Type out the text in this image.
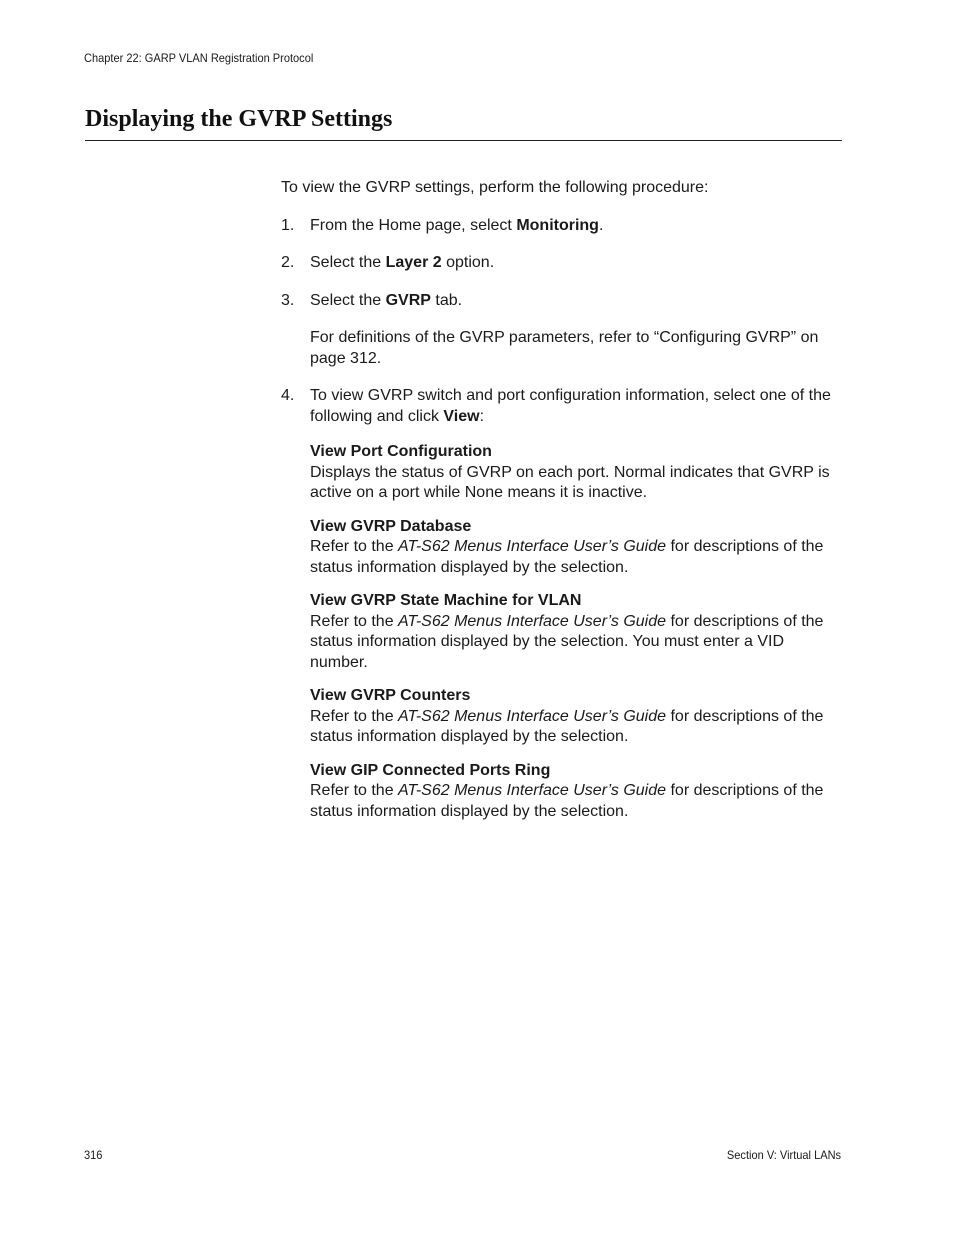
Chapter 22: GARP VLAN Registration Protocol
Displaying the GVRP Settings

To view the GVRP settings, perform the following procedure:

1. From the Home page, select Monitoring.
2. Select the Layer 2 option.
3. Select the GVRP tab.

For definitions of the GVRP parameters, refer to “Configuring GVRP” on page 312.

4. To view GVRP switch and port configuration information, select one of the following and click View:
View Port Configuration
Displays the status of GVRP on each port. Normal indicates that GVRP is active on a port while None means it is inactive.
View GVRP Database
Refer to the AT-S62 Menus Interface User’s Guide for descriptions of the status information displayed by the selection.
View GVRP State Machine for VLAN
Refer to the AT-S62 Menus Interface User’s Guide for descriptions of the status information displayed by the selection. You must enter a VID number.
View GVRP Counters
Refer to the AT-S62 Menus Interface User’s Guide for descriptions of the status information displayed by the selection.
View GIP Connected Ports Ring
Refer to the AT-S62 Menus Interface User’s Guide for descriptions of the status information displayed by the selection.
316	Section V: Virtual LANs
